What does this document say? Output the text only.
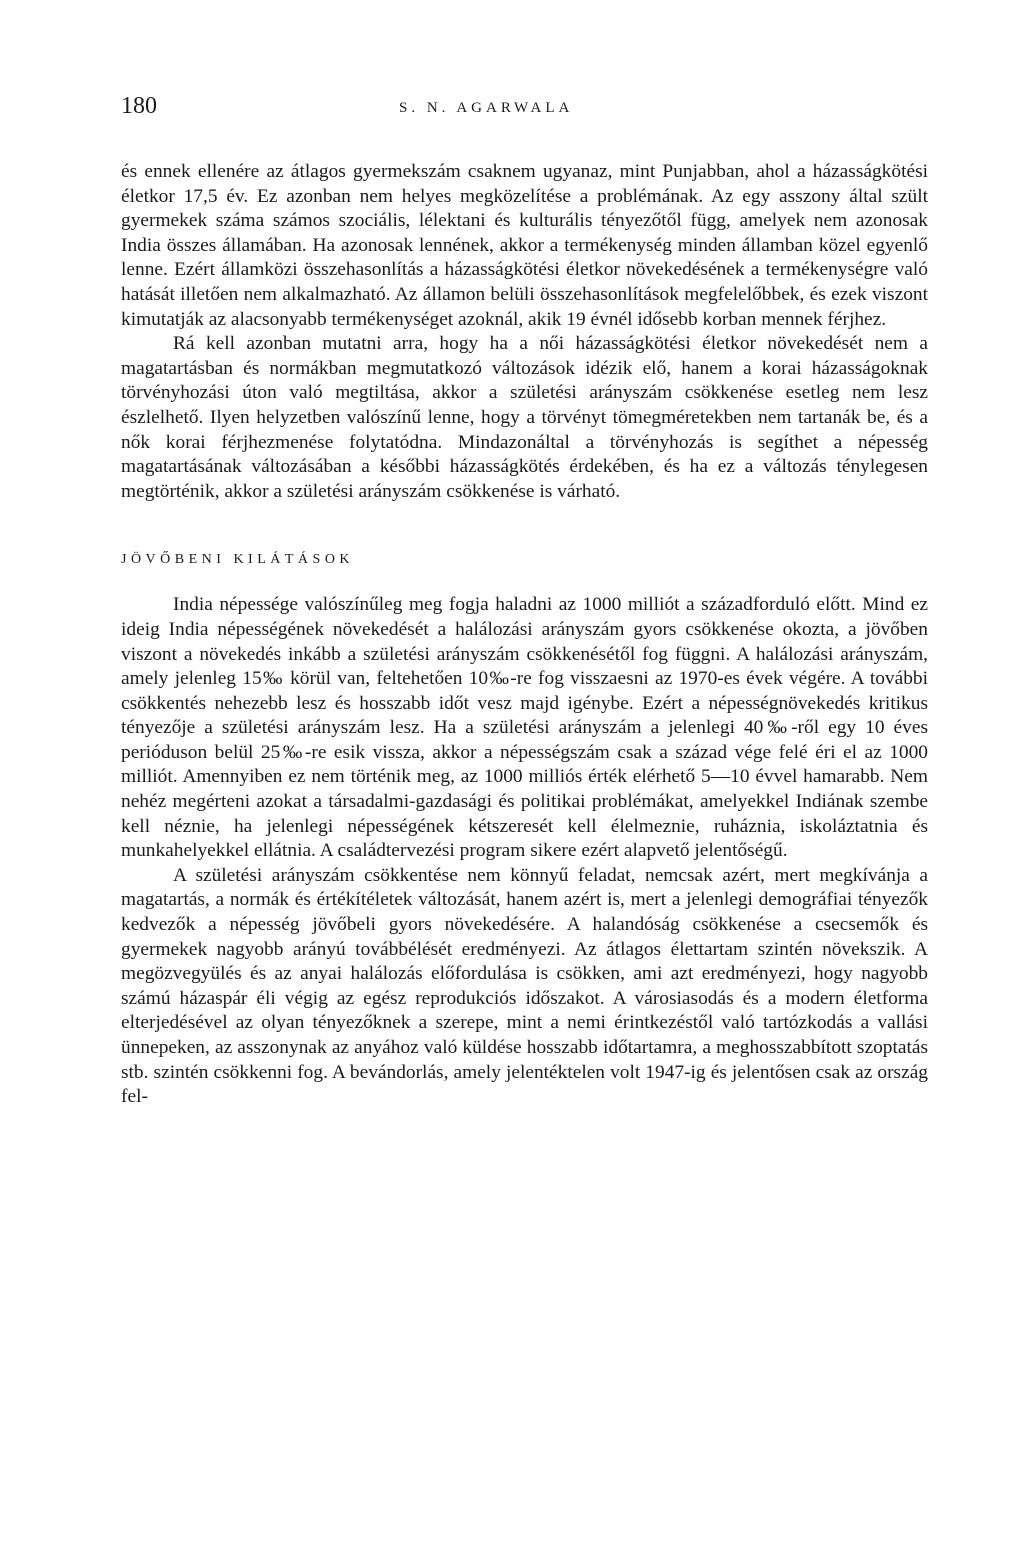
180	S. N. AGARWALA

és ennek ellenére az átlagos gyermekszám csaknem ugyanaz, mint Punjabban, ahol a házasságkötési életkor 17,5 év. Ez azonban nem helyes megközelítése a problémának. Az egy asszony által szült gyermekek száma számos szociális, lélektani és kulturális tényezőtől függ, amelyek nem azonosak India összes államában. Ha azonosak lennének, akkor a termékenység minden államban közel egyenlő lenne. Ezért államközi összehasonlítás a házasságkötési életkor növekedésének a termékenységre való hatását illetően nem alkalmazható. Az államon belüli összehasonlítások megfelelőbbek, és ezek viszont kimutatják az alacsonyabb termékenységet azoknál, akik 19 évnél idősebb korban mennek férjhez.

Rá kell azonban mutatni arra, hogy ha a női házasságkötési életkor növekedését nem a magatartásban és normákban megmutatkozó változások idézik elő, hanem a korai házasságoknak törvényhozási úton való megtiltása, akkor a születési arányszám csökkenése esetleg nem lesz észlelhető. Ilyen helyzetben valószínű lenne, hogy a törvényt tömegméretekben nem tartanák be, és a nők korai férjhezmenése folytatódna. Mindazonáltal a törvényhozás is segíthet a népesség magatartásának változásában a későbbi házasságkötés érdekében, és ha ez a változás ténylegesen megtörténik, akkor a születési arányszám csökkenése is várható.

JÖVŐBENI KILÁTÁSOK

India népessége valószínűleg meg fogja haladni az 1000 milliót a századforduló előtt. Mind ez ideig India népességének növekedését a halálozási arányszám gyors csökkenése okozta, a jövőben viszont a növekedés inkább a születési arányszám csökkenésétől fog függni. A halálozási arányszám, amely jelenleg 15‰ körül van, feltehetően 10‰-re fog visszaesni az 1970-es évek végére. A további csökkentés nehezebb lesz és hosszabb időt vesz majd igénybe. Ezért a népességnövekedés kritikus tényezője a születési arányszám lesz. Ha a születési arányszám a jelenlegi 40‰-ről egy 10 éves perióduson belül 25‰-re esik vissza, akkor a népességszám csak a század vége felé éri el az 1000 milliót. Amennyiben ez nem történik meg, az 1000 milliós érték elérhető 5—10 évvel hamarabb. Nem nehéz megérteni azokat a társadalmi-gazdasági és politikai problémákat, amelyekkel Indiának szembe kell néznie, ha jelenlegi népességének kétszeresét kell élelmeznie, ruháznia, iskoláztatnia és munkahelyekkel ellátnia. A családtervezési program sikere ezért alapvető jelentőségű.

A születési arányszám csökkentése nem könnyű feladat, nemcsak azért, mert megkívánja a magatartás, a normák és értékítéletek változását, hanem azért is, mert a jelenlegi demográfiai tényezők kedvezők a népesség jövőbeli gyors növekedésére. A halandóság csökkenése a csecsemők és gyermekek nagyobb arányú továbbélését eredményezi. Az átlagos élettartam szintén növekszik. A megözvegyülés és az anyai halálozás előfordulása is csökken, ami azt eredményezi, hogy nagyobb számú házaspár éli végig az egész reprodukciós időszakot. A városiasodás és a modern életforma elterjedésével az olyan tényezőknek a szerepe, mint a nemi érintkezéstől való tartózkodás a vallási ünnepeken, az asszonynak az anyához való küldése hosszabb időtartamra, a meghosszabbított szoptatás stb. szintén csökkenni fog. A bevándorlás, amely jelentéktelen volt 1947-ig és jelentősen csak az ország fel-
